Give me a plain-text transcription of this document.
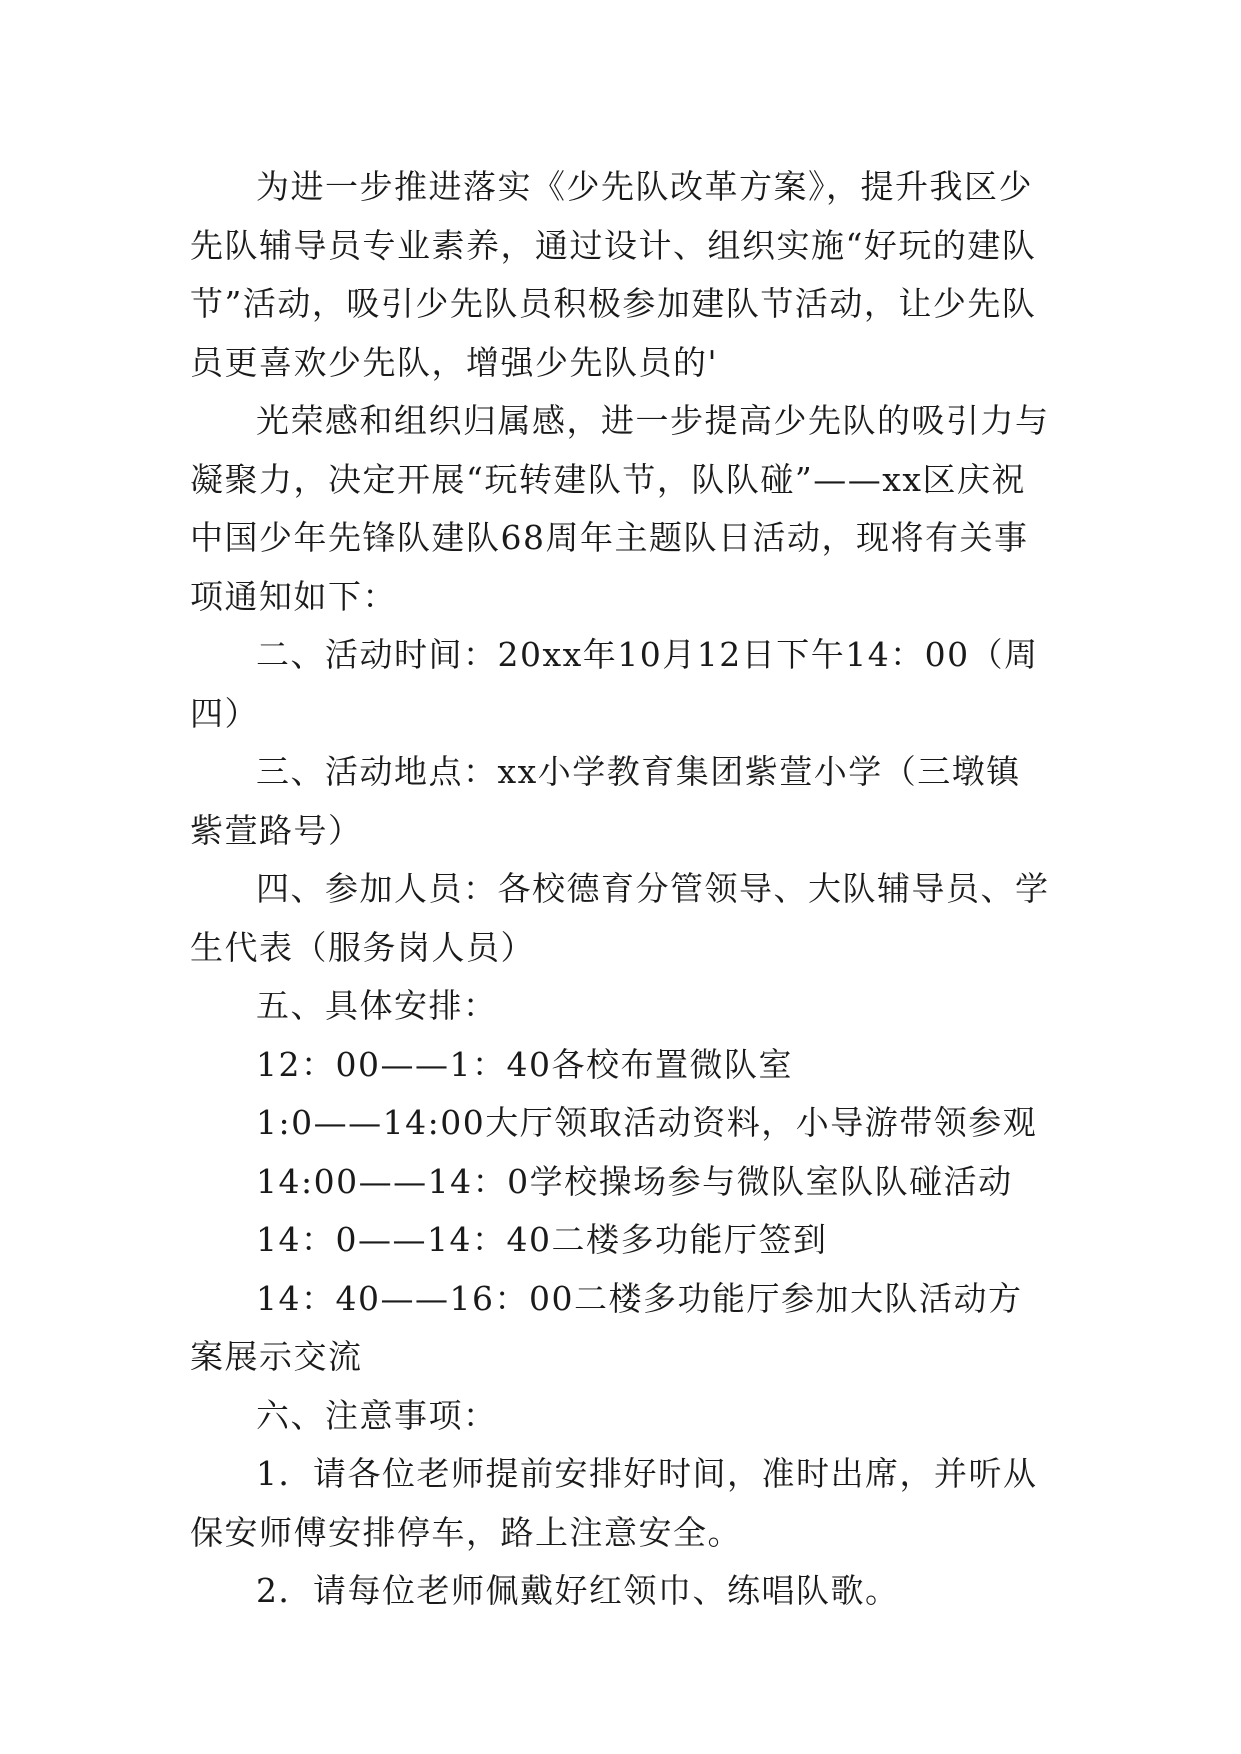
为进一步推进落实《少先队改革方案》，提升我区少先队辅导员专业素养，通过设计、组织实施“好玩的建队节”活动，吸引少先队员积极参加建队节活动，让少先队员更喜欢少先队，增强少先队员的'

光荣感和组织归属感，进一步提高少先队的吸引力与凝聚力，决定开展“玩转建队节，队队碰”——xx区庆祝中国少年先锋队建队68周年主题队日活动，现将有关事项通知如下：

二、活动时间：20xx年10月12日下午14：00（周四）

三、活动地点：xx小学教育集团紫萱小学（三墩镇紫萱路号）

四、参加人员：各校德育分管领导、大队辅导员、学生代表（服务岗人员）

五、具体安排：

12：00——1：40各校布置微队室

1:0——14:00大厅领取活动资料，小导游带领参观

14:00——14：0学校操场参与微队室队队碰活动

14：0——14：40二楼多功能厅签到

14：40——16：00二楼多功能厅参加大队活动方案展示交流

六、注意事项：

1．请各位老师提前安排好时间，准时出席，并听从保安师傅安排停车，路上注意安全。

2．请每位老师佩戴好红领巾、练唱队歌。
